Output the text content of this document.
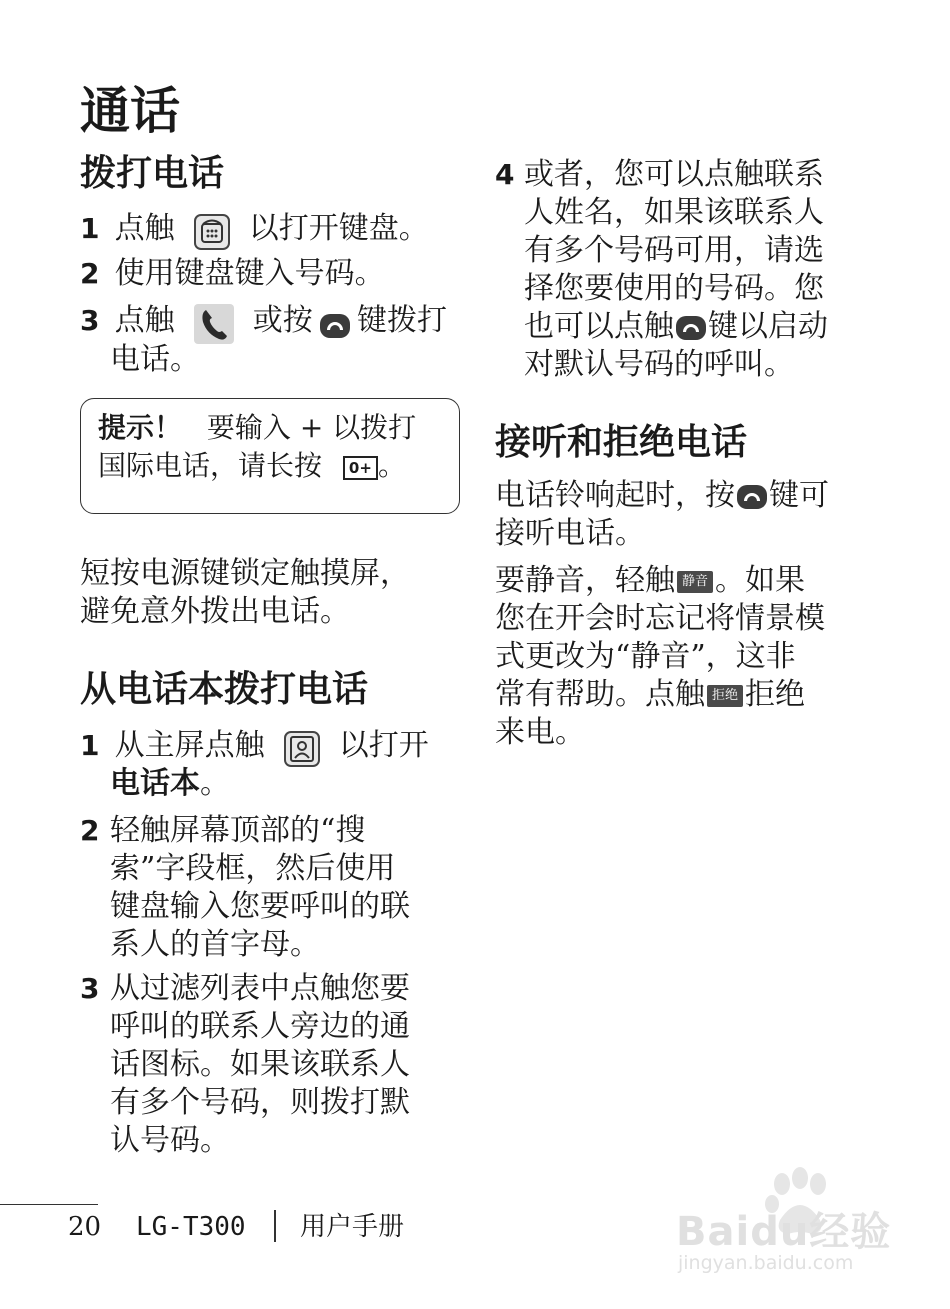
通话
拨打电话
1 点触 以打开键盘。
2 使用键盘键入号码。
3 点触	或按 键拨打
电话。
提示！ 要输入 + 以拨打
国际电话，请长按 0+ 。
短按电源键锁定触摸屏，
避免意外拨出电话。
从电话本拨打电话
1 从主屏点触 以打开
电话本。
2 轻触屏幕顶部的“搜
索”字段框，然后使用
键盘输入您要呼叫的联
系人的首字母。
3 从过滤列表中点触您要
呼叫的联系人旁边的通
话图标。如果该联系人
有多个号码，则拨打默
认号码。
4 或者，您可以点触联系
人姓名，如果该联系人
有多个号码可用，请选
择您要使用的号码。您
也可以点触 键以启动
对默认号码的呼叫。
接听和拒绝电话
电话铃响起时，按 键可
接听电话。
要静音，轻触 静音 。如果
您在开会时忘记将情景模
式更改为“静音”，这非
常有帮助。点触 拒绝 拒绝
来电。
20 LG-T300 用户手册	Baidu经验
jingyan.baidu.com
